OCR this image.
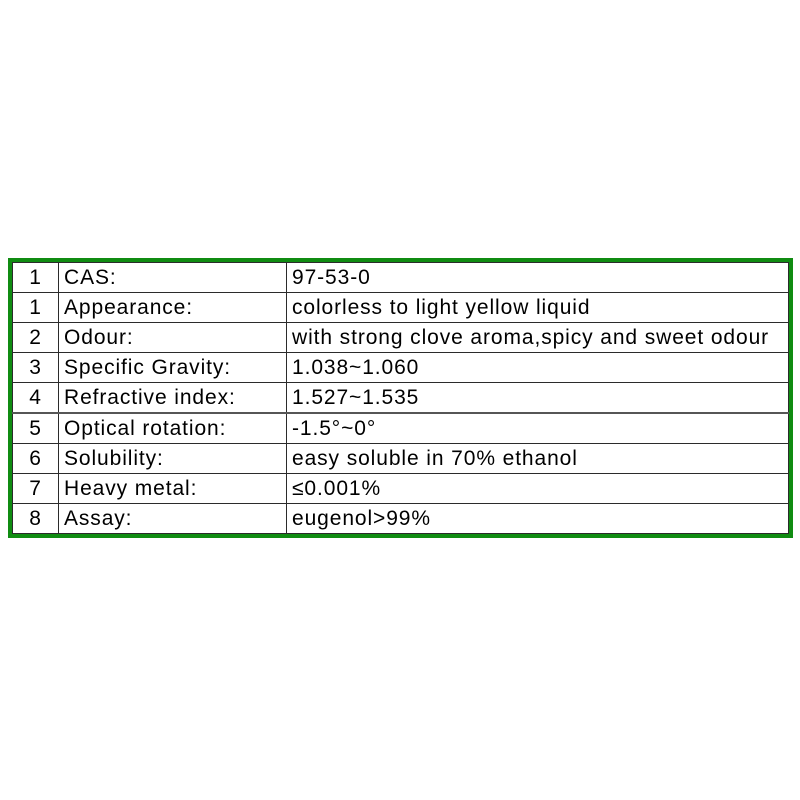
1	CAS:	97-53-0
1	Appearance:	colorless to light yellow liquid
2	Odour:	with strong clove aroma,spicy and sweet odour
3	Specific Gravity:	1.038~1.060
4	Refractive index:	1.527~1.535
5	Optical rotation:	-1.5°~0°
6	Solubility:	easy soluble in 70% ethanol
7	Heavy metal:	≤0.001%
8	Assay:	eugenol>99%
